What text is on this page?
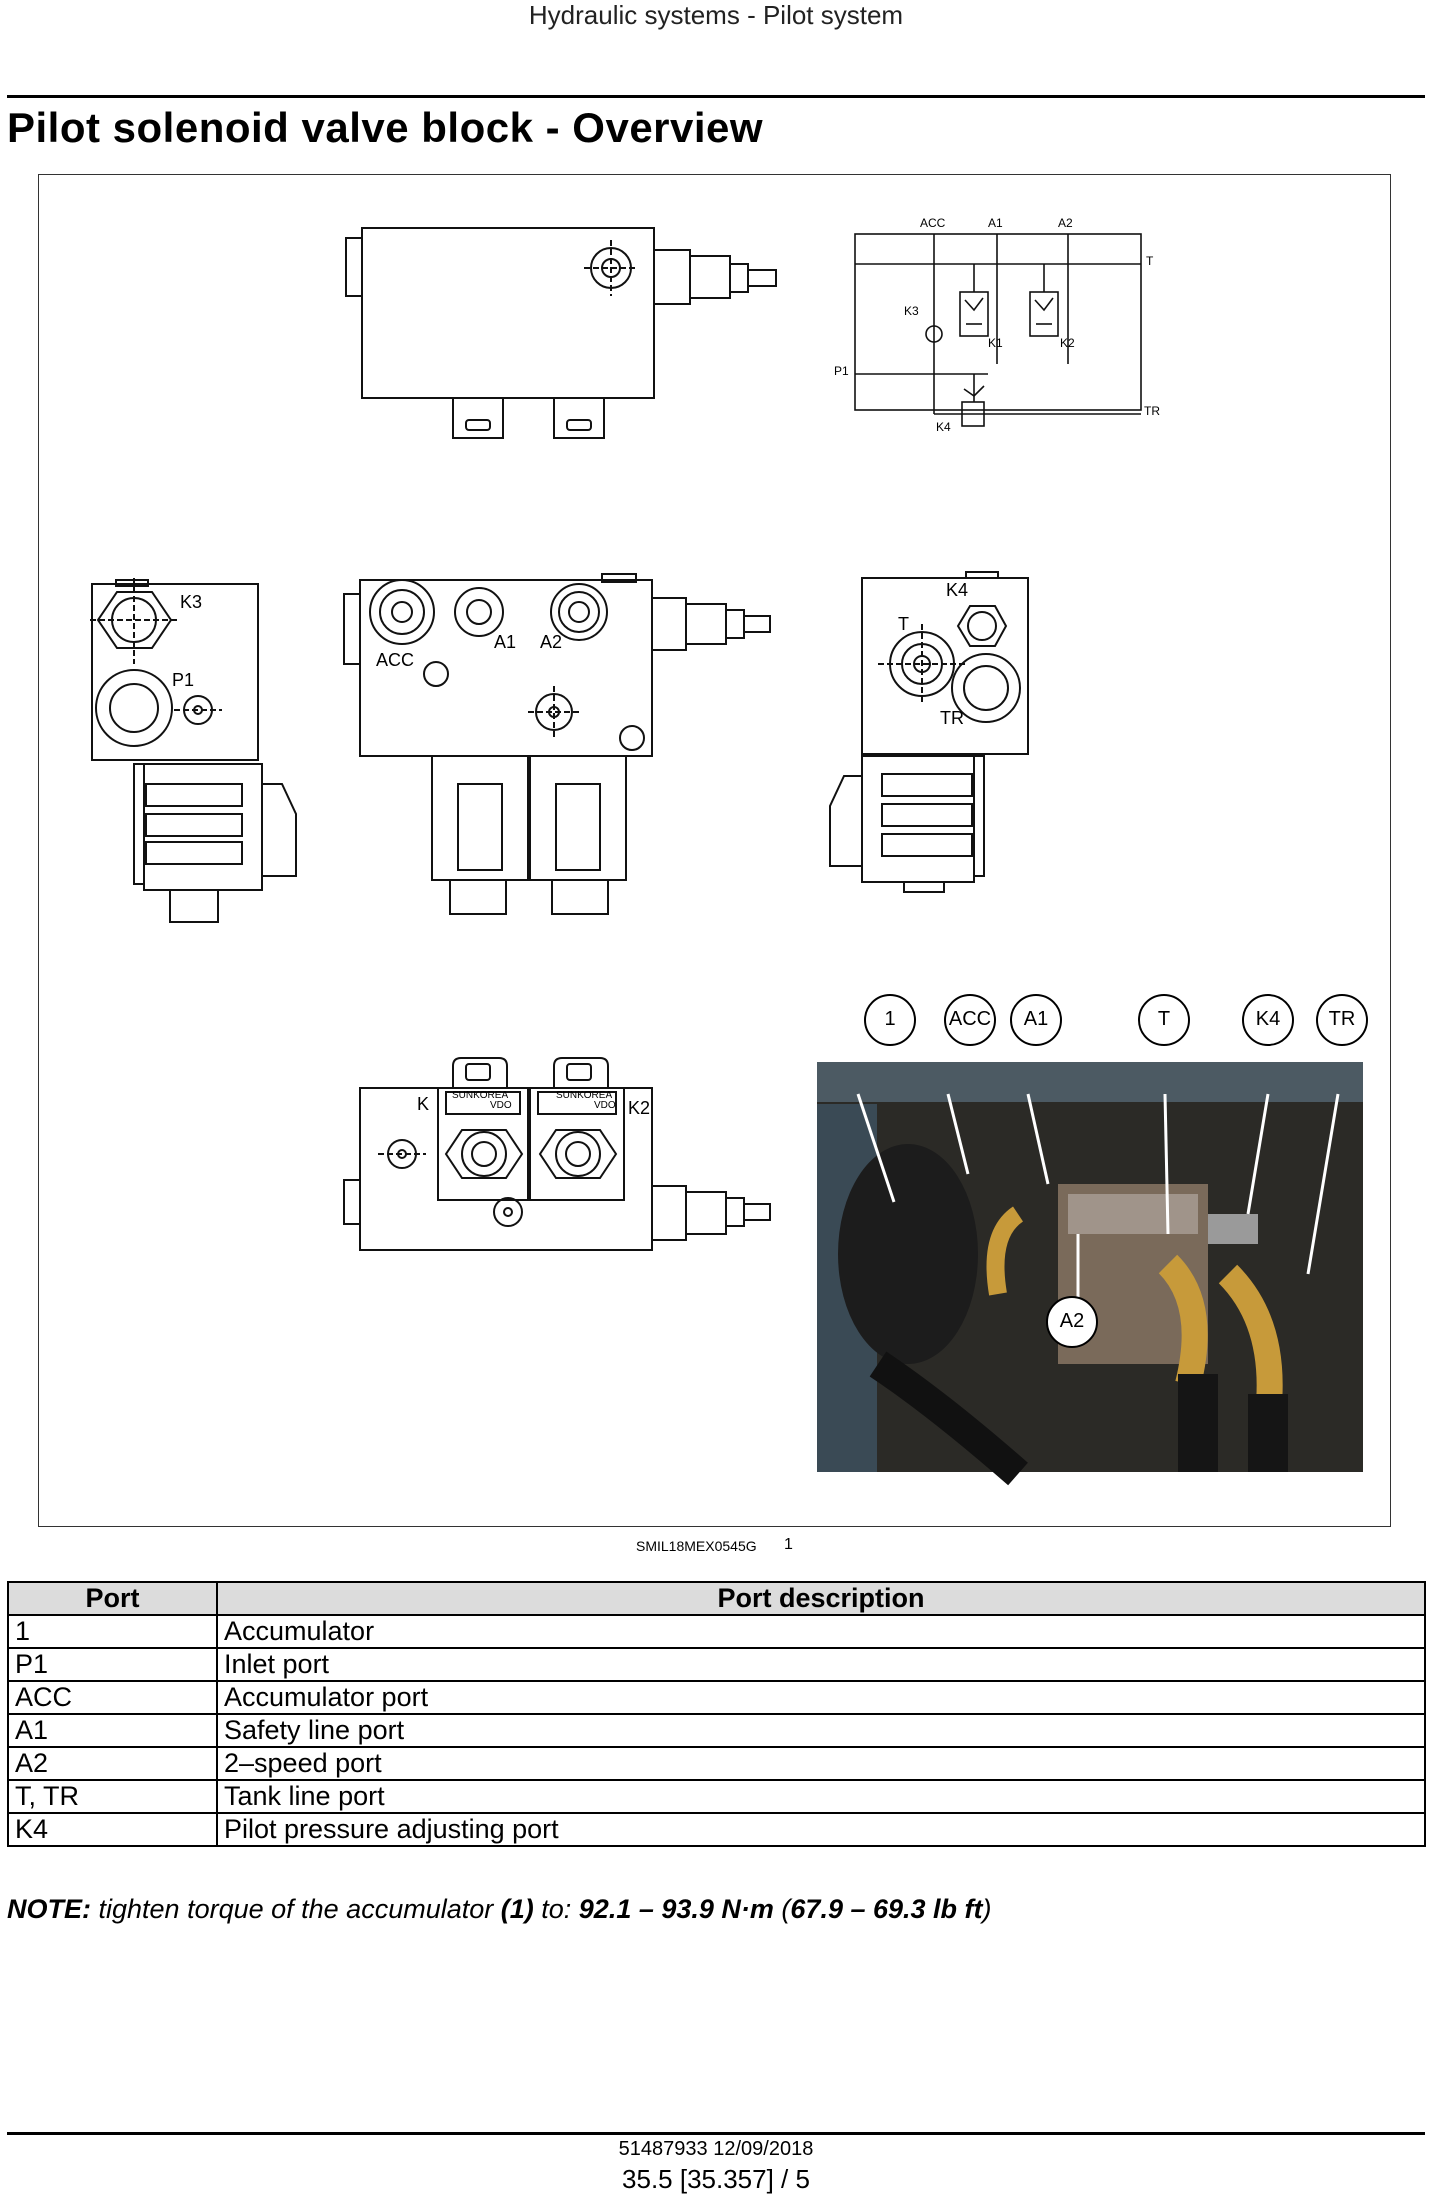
Hydraulic systems - Pilot system
Pilot solenoid valve block - Overview
ACC	A1	A2
T
K3
K1	K2
P1
K4
TR
K3
P1
ACC
A1 A2
K4
T
TR
K	K2
SUNKOREA
VDO
SUNKOREA
VDO
1	ACC	A1	T	K4	TR
A2
SMIL18MEX0545G 1
Port	Port description
1	Accumulator
P1	Inlet port
ACC	Accumulator port
A1	Safety line port
A2	2–speed port
T, TR	Tank line port
K4	Pilot pressure adjusting port
NOTE: tighten torque of the accumulator (1) to: 92.1 – 93.9 N·m (67.9 – 69.3 lb ft)
51487933 12/09/2018
35.5 [35.357] / 5
